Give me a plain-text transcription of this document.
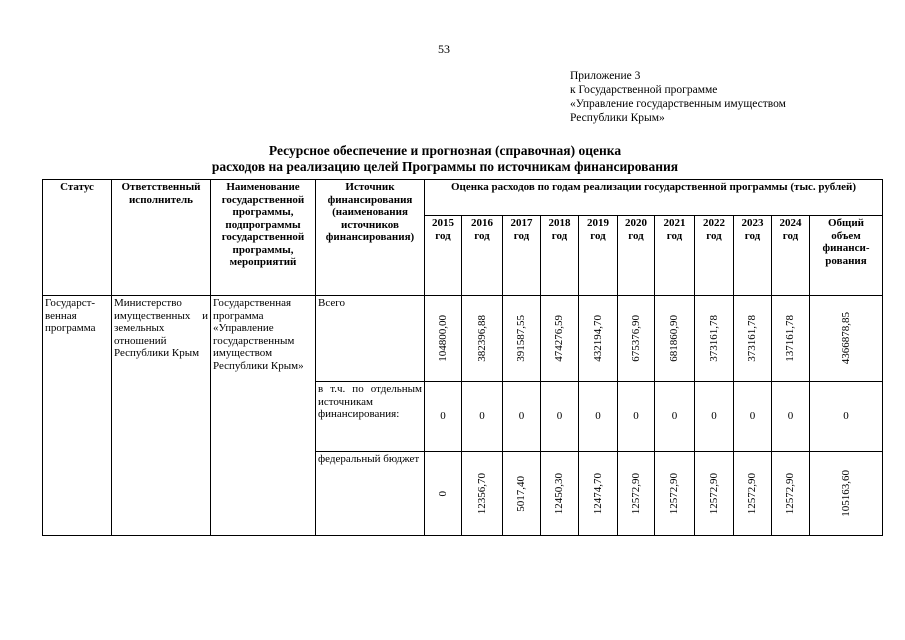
53
Приложение 3
к Государственной программе
«Управление государственным имуществом
Республики Крым»
Ресурсное обеспечение и прогнозная (справочная) оценка
расходов на реализацию целей Программы по источникам финансирования
Статус	Ответственный исполнитель	Наименование государственной программы, подпрограммы государственной программы, мероприятий	Источник финансирования (наименования источников финансирования)	Оценка расходов по годам реализации государственной программы (тыс. рублей)										
				2015 год	2016 год	2017 год	2018 год	2019 год	2020 год	2021 год	2022 год	2023 год	2024 год	Общий объем финанси-рования
Государст-венная программа	Министерство имущественных и земельных отношений Республики Крым	Государственная программа «Управление государственным имуществом Республики Крым»	Всего	104800,00	382396,88	391587,55	474276,59	432194,70	675376,90	681860,90	373161,78	373161,78	137161,78	4366878,85

			в т.ч. по отдельным источникам финансирования:	0	0	0	0	0	0	0	0	0	0	0
			федеральный бюджет	0	12356,70	5017,40	12450,30	12474,70	12572,90	12572,90	12572,90	12572,90	12572,90	105163,60
